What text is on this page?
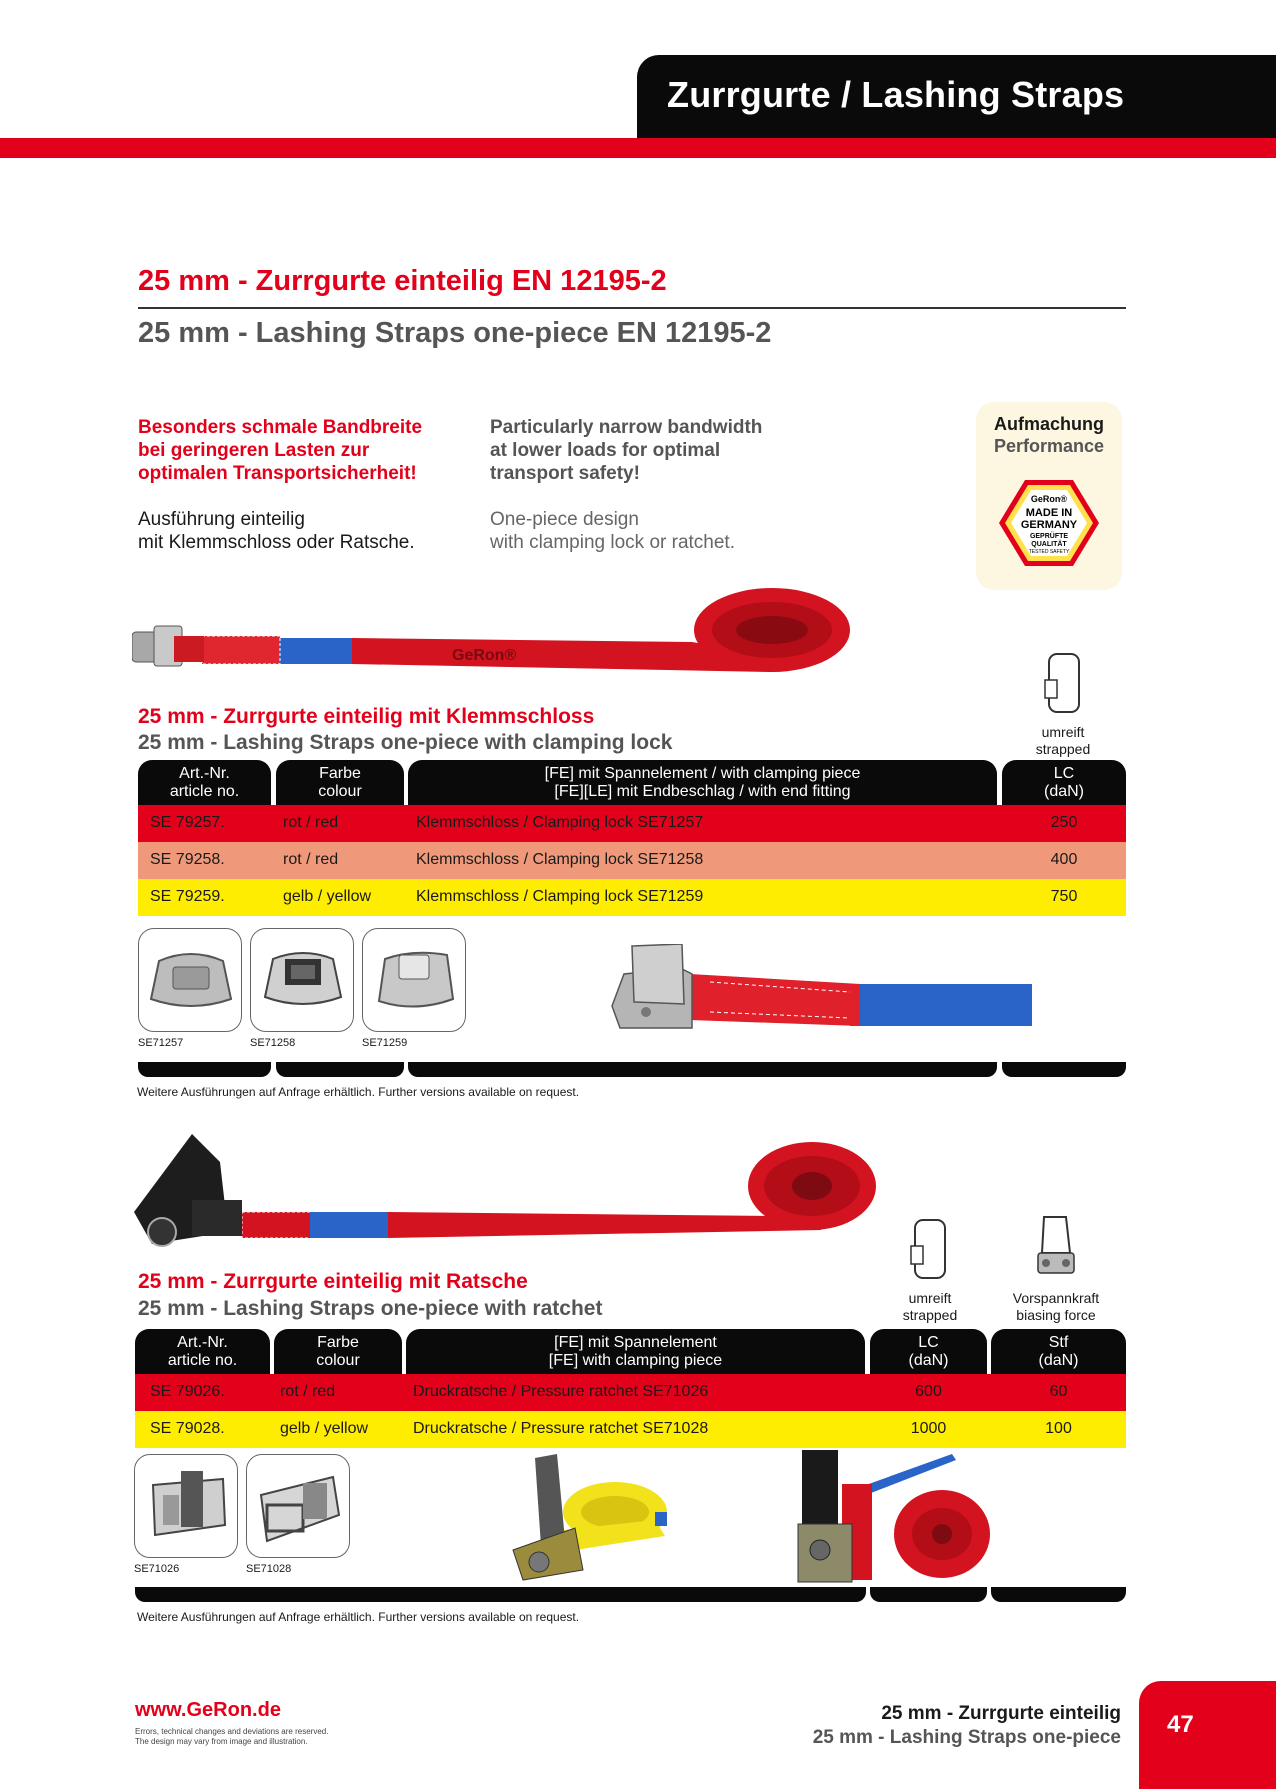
Zurrgurte / Lashing Straps
25 mm - Zurrgurte einteilig EN 12195-2
25 mm - Lashing Straps one-piece EN 12195-2
Besonders schmale Bandbreite
bei geringeren Lasten zur
optimalen Transportsicherheit!
Ausführung einteilig
mit Klemmschloss oder Ratsche.
Particularly narrow bandwidth
at lower loads for optimal
transport safety!
One-piece design
with clamping lock or ratchet.
Aufmachung
Performance
GeRon®
MADE IN
GERMANY
GEPRÜFTE
QUALITÄT
TESTED SAFETY
GeRon®
25 mm - Zurrgurte einteilig mit Klemmschloss
25 mm - Lashing Straps one-piece with clamping lock	umreift
strapped
Art.-Nr.
article no.
Farbe
colour
[FE] mit Spannelement / with clamping piece
[FE][LE] mit Endbeschlag / with end fitting
LC
(daN)
SE 79257.	rot / red	Klemmschloss / Clamping lock SE71257	250
SE 79258.	rot / red	Klemmschloss / Clamping lock SE71258	400
SE 79259.	gelb / yellow	Klemmschloss / Clamping lock SE71259	750
SE71257	SE71258	SE71259
Weitere Ausführungen auf Anfrage erhältlich. Further versions available on request.
25 mm - Zurrgurte einteilig mit Ratsche
25 mm - Lashing Straps one-piece with ratchet	umreift
strapped
Vorspannkraft
biasing force
Art.-Nr.
article no.
Farbe
colour
[FE] mit Spannelement
[FE] with clamping piece
LC
(daN)
Stf
(daN)
SE 79026.	rot / red	Druckratsche / Pressure ratchet SE71026	600	60
SE 79028.	gelb / yellow	Druckratsche / Pressure ratchet SE71028	1000	100
SE71026	SE71028
Weitere Ausführungen auf Anfrage erhältlich. Further versions available on request.
www.GeRon.de
Errors, technical changes and deviations are reserved.
The design may vary from image and illustration.
25 mm - Zurrgurte einteilig
25 mm - Lashing Straps one-piece 47
